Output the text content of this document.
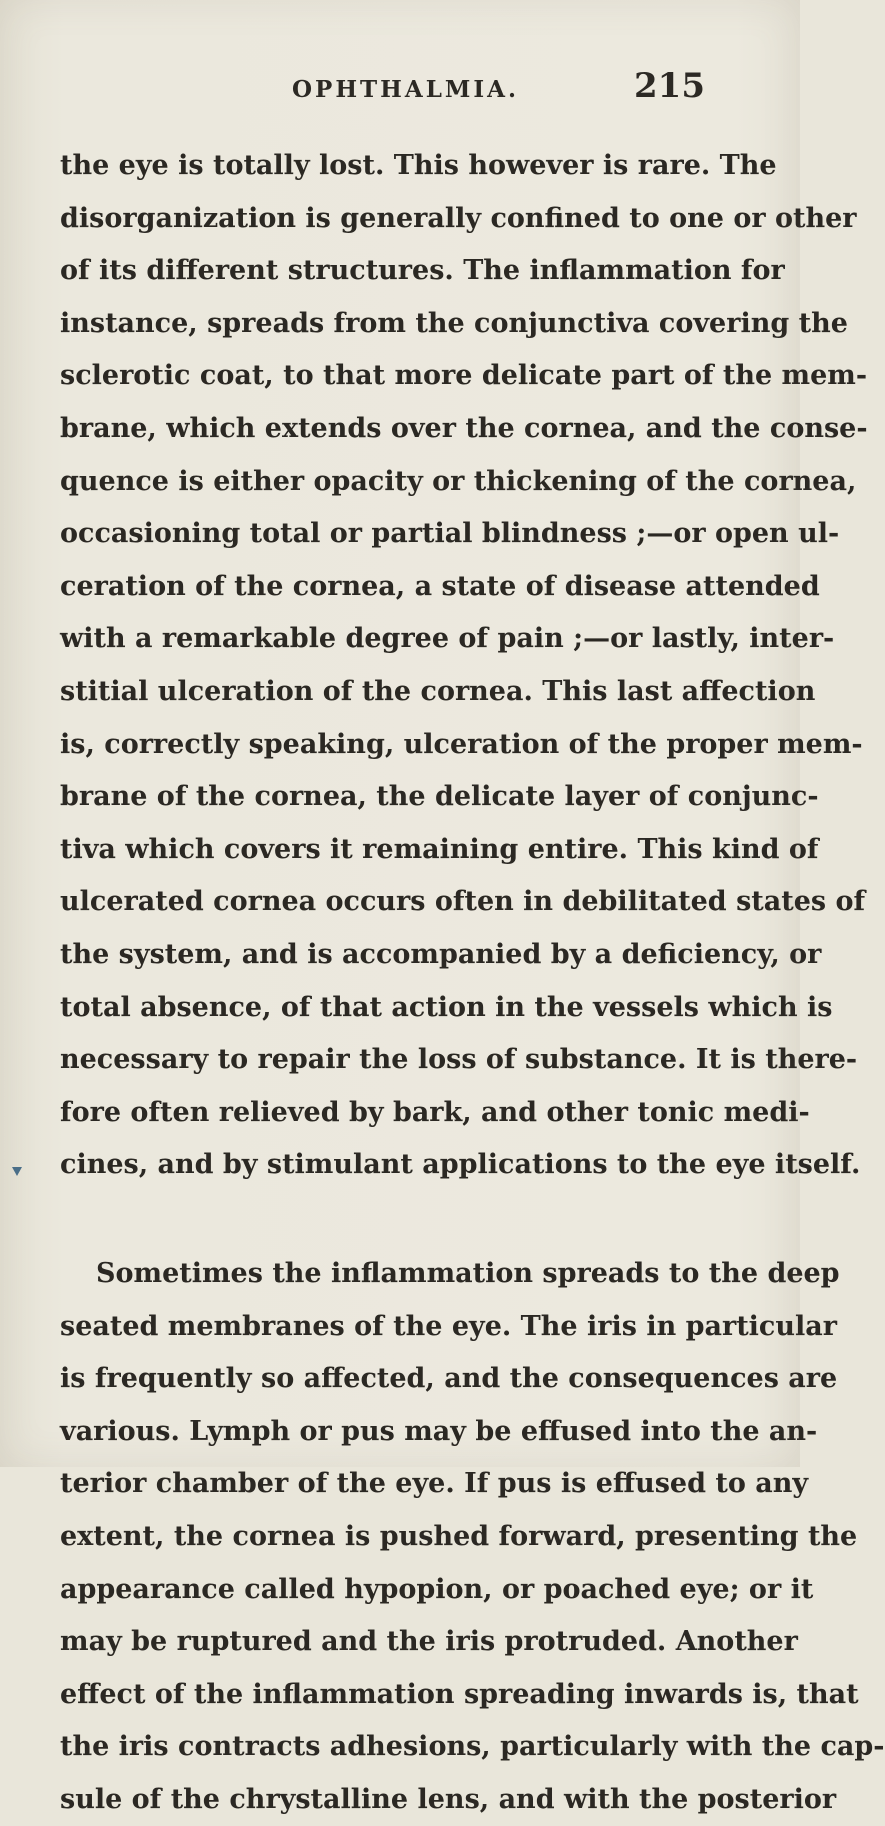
OPHTHALMIA.	215
the eye is totally lost. This however is rare. The
disorganization is generally confined to one or other
of its different structures. The inflammation for
instance, spreads from the conjunctiva covering the
sclerotic coat, to that more delicate part of the mem-
brane, which extends over the cornea, and the conse-
quence is either opacity or thickening of the cornea,
occasioning total or partial blindness ;—or open ul-
ceration of the cornea, a state of disease attended
with a remarkable degree of pain ;—or lastly, inter-
stitial ulceration of the cornea. This last affection
is, correctly speaking, ulceration of the proper mem-
brane of the cornea, the delicate layer of conjunc-
tiva which covers it remaining entire. This kind of
ulcerated cornea occurs often in debilitated states of
the system, and is accompanied by a deficiency, or
total absence, of that action in the vessels which is
necessary to repair the loss of substance. It is there-
fore often relieved by bark, and other tonic medi-
cines, and by stimulant applications to the eye itself.
Sometimes the inflammation spreads to the deep
seated membranes of the eye. The iris in particular
is frequently so affected, and the consequences are
various. Lymph or pus may be effused into the an-
terior chamber of the eye. If pus is effused to any
extent, the cornea is pushed forward, presenting the
appearance called hypopion, or poached eye; or it
may be ruptured and the iris protruded. Another
effect of the inflammation spreading inwards is, that
the iris contracts adhesions, particularly with the cap-
sule of the chrystalline lens, and with the posterior
